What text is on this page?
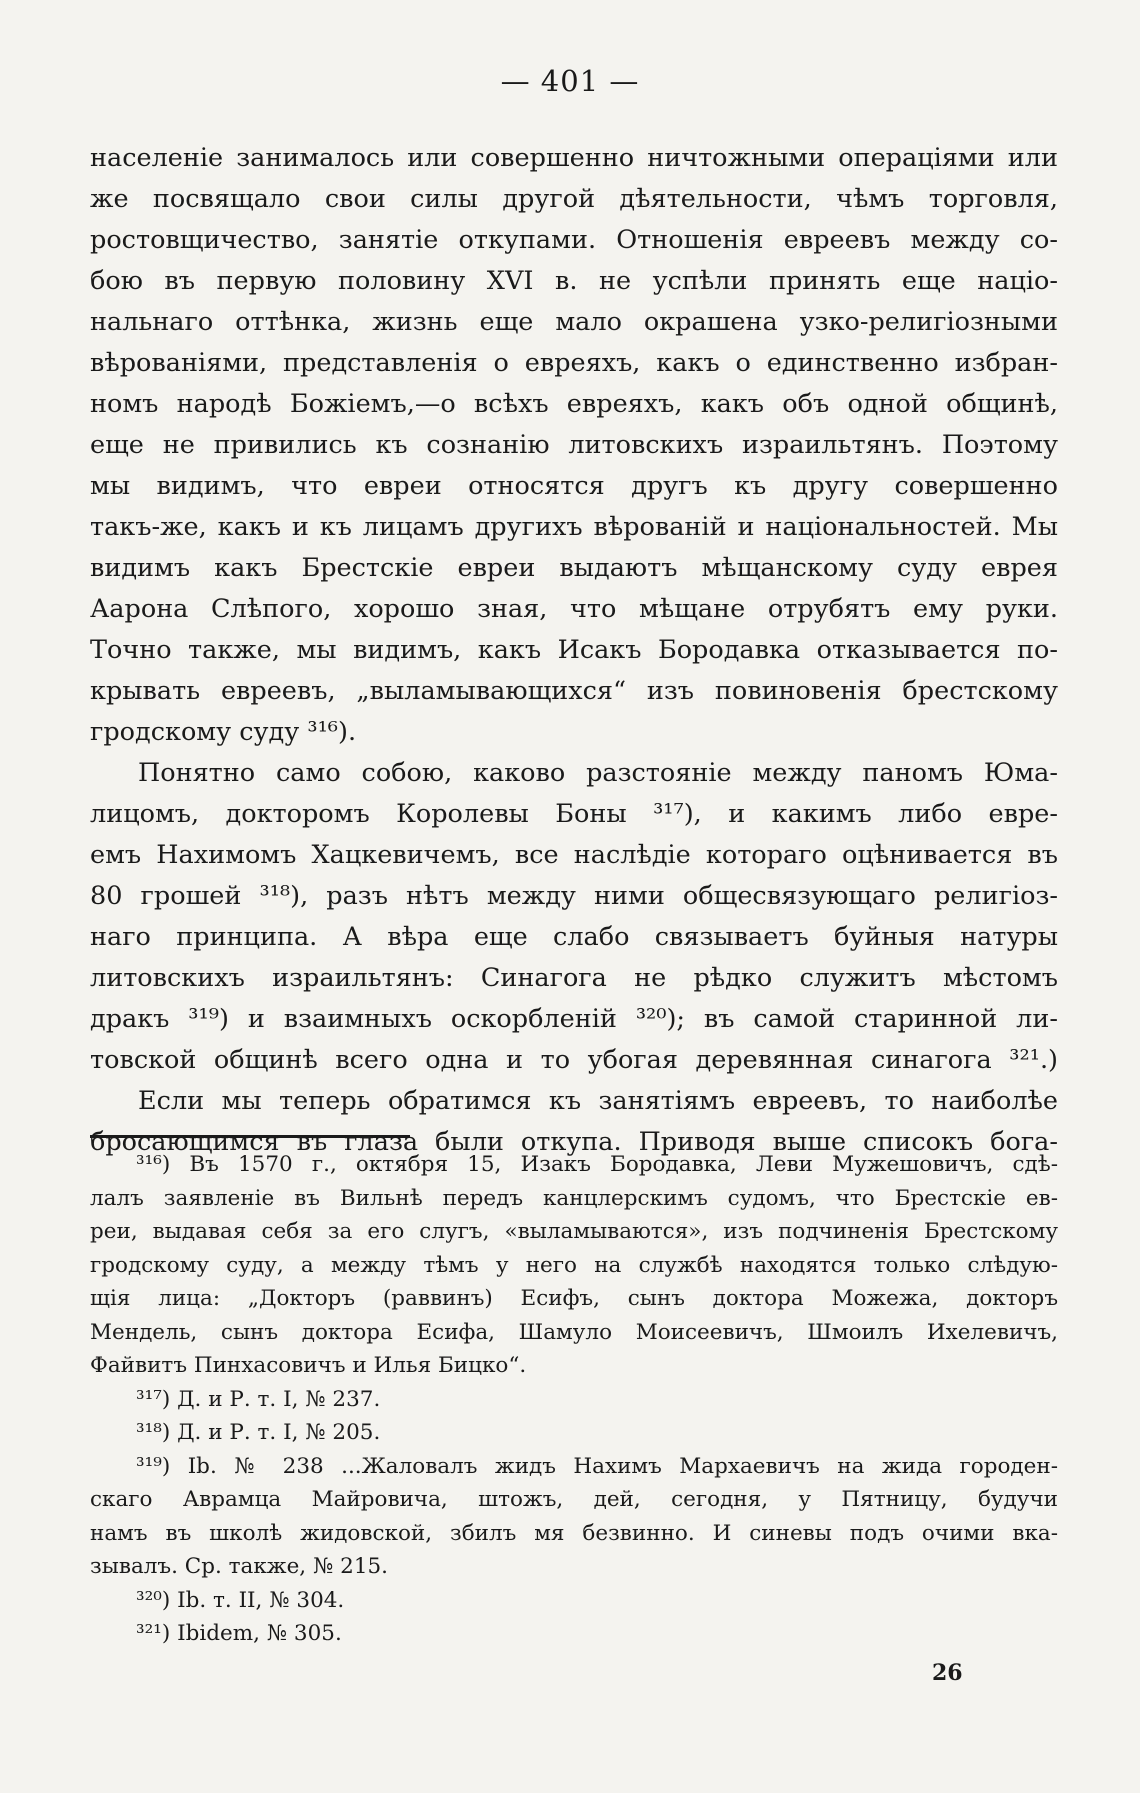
— 401 —
населеніе занималось или совершенно ничтожными операціями или
же посвящало свои силы другой дѣятельности, чѣмъ торговля,
ростовщичество, занятіе откупами. Отношенія евреевъ между со-
бою въ первую половину XVI в. не успѣли принять еще націо-
нальнаго оттѣнка, жизнь еще мало окрашена узко-религіозными
вѣрованіями, представленія о евреяхъ, какъ о единственно избран-
номъ народѣ Божіемъ,—о всѣхъ евреяхъ, какъ объ одной общинѣ,
еще не привились къ сознанію литовскихъ израильтянъ. Поэтому
мы видимъ, что евреи относятся другъ къ другу совершенно
такъ-же, какъ и къ лицамъ другихъ вѣрованій и національностей. Мы
видимъ какъ Брестскіе евреи выдаютъ мѣщанскому суду еврея
Аарона Слѣпого, хорошо зная, что мѣщане отрубятъ ему руки.
Точно также, мы видимъ, какъ Исакъ Бородавка отказывается по-
крывать евреевъ, „выламывающихся“ изъ повиновенія брестскому
гродскому суду ³¹⁶).
Понятно само собою, каково разстояніе между паномъ Юма-
лицомъ, докторомъ Королевы Боны ³¹⁷), и какимъ либо евре-
емъ Нахимомъ Хацкевичемъ, все наслѣдіе котораго оцѣнивается въ
80 грошей ³¹⁸), разъ нѣтъ между ними общесвязующаго религіоз-
наго принципа. А вѣра еще слабо связываетъ буйныя натуры
литовскихъ израильтянъ: Синагога не рѣдко служитъ мѣстомъ
дракъ ³¹⁹) и взаимныхъ оскорбленій ³²⁰); въ самой старинной ли-
товской общинѣ всего одна и то убогая деревянная синагога ³²¹.)
Если мы теперь обратимся къ занятіямъ евреевъ, то наиболѣе
бросающимся въ глаза были откупа. Приводя выше списокъ бога-
³¹⁶) Въ 1570 г., октября 15, Изакъ Бородавка, Леви Мужешовичъ, сдѣ-
лалъ заявленіе въ Вильнѣ передъ канцлерскимъ судомъ, что Брестскіе ев-
реи, выдавая себя за его слугъ, «выламываются», изъ подчиненія Брестскому
гродскому суду, а между тѣмъ у него на службѣ находятся только слѣдую-
щія лица: „Докторъ (раввинъ) Есифъ, сынъ доктора Можежа, докторъ
Мендель, сынъ доктора Есифа, Шамуло Моисеевичъ, Шмоилъ Ихелевичъ,
Файвитъ Пинхасовичъ и Илья Бицко“.
³¹⁷) Д. и Р. т. I, № 237.
³¹⁸) Д. и Р. т. I, № 205.
³¹⁹) Ib. № 238 ...Жаловалъ жидъ Нахимъ Мархаевичъ на жида городен-
скаго Аврамца Майровича, штожъ, дей, сегодня, у Пятницу, будучи
намъ въ школѣ жидовской, збилъ мя безвинно. И синевы подъ очими вка-
зывалъ. Ср. также, № 215.
³²⁰) Ib. т. II, № 304.
³²¹) Ibidem, № 305.
26
